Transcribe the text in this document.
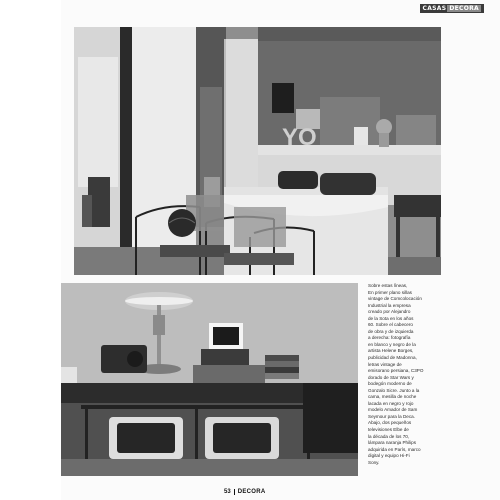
CASAS DECORA
YO
Sobre estas líneas,
En primer plano sillas
vintage de Comcolocación
Industrial la empresa
creado por Alejandro
de la Sota en los años
60. Sobre el cabecero
de obra y de izquierda
a derecha: fotografía
en blanco y negro de la
artista Helene Borges,
publicidad de Madonna,
letras vintage de
emisorano persiana, C3PO
dorado de Star Wars y
bodegón moderno de
Gonzalo Sicre. Junto a la
cama, mesilla de noche
lacada en negro y rojo
modelo Amador de Sam
Seymour para la Deca.
Abajo, dos pequeños
televisiones Elbe de
la década de los 70,
lámpara naranja Philips
adquirida en París, marco
digital y equipo Hi-Fi
Sony.
53 DECORA
